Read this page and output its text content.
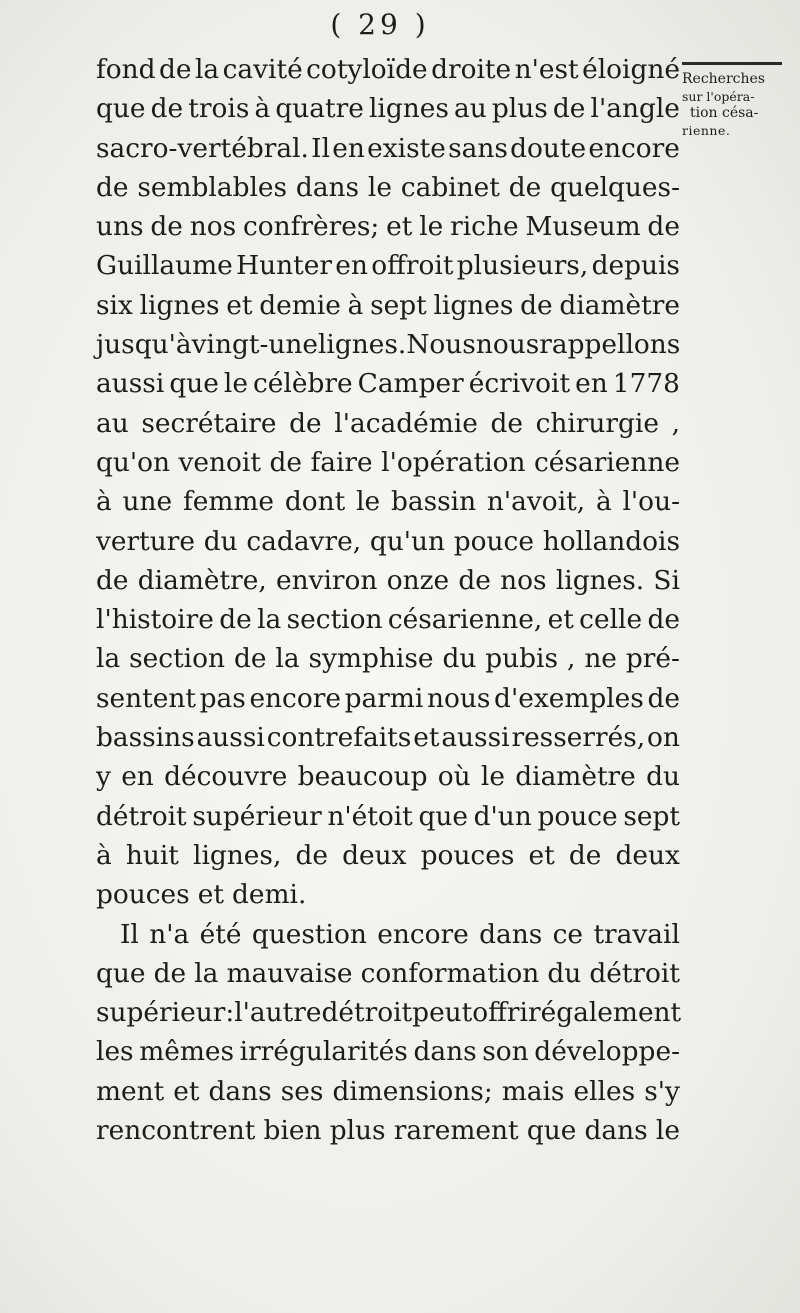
( 29 )
Recherches
sur l'opéra-
tion césa-
rienne.
fond de la cavité cotyloïde droite n'est éloigné
que de trois à quatre lignes au plus de l'angle
sacro-vertébral. Il en existe sans doute encore
de semblables dans le cabinet de quelques-
uns de nos confrères; et le riche Museum de
Guillaume Hunter en offroit plusieurs, depuis
six lignes et demie à sept lignes de diamètre
jusqu'à vingt-une lignes. Nous nous rappellons
aussi que le célèbre Camper écrivoit en 1778
au secrétaire de l'académie de chirurgie ,
qu'on venoit de faire l'opération césarienne
à une femme dont le bassin n'avoit, à l'ou-
verture du cadavre, qu'un pouce hollandois
de diamètre, environ onze de nos lignes. Si
l'histoire de la section césarienne, et celle de
la section de la symphise du pubis , ne pré-
sentent pas encore parmi nous d'exemples de
bassins aussi contrefaits et aussi resserrés, on
y en découvre beaucoup où le diamètre du
détroit supérieur n'étoit que d'un pouce sept
à huit lignes, de deux pouces et de deux
pouces et demi.
Il n'a été question encore dans ce travail
que de la mauvaise conformation du détroit
supérieur: l'autre détroit peut offrir également
les mêmes irrégularités dans son développe-
ment et dans ses dimensions; mais elles s'y
rencontrent bien plus rarement que dans le
